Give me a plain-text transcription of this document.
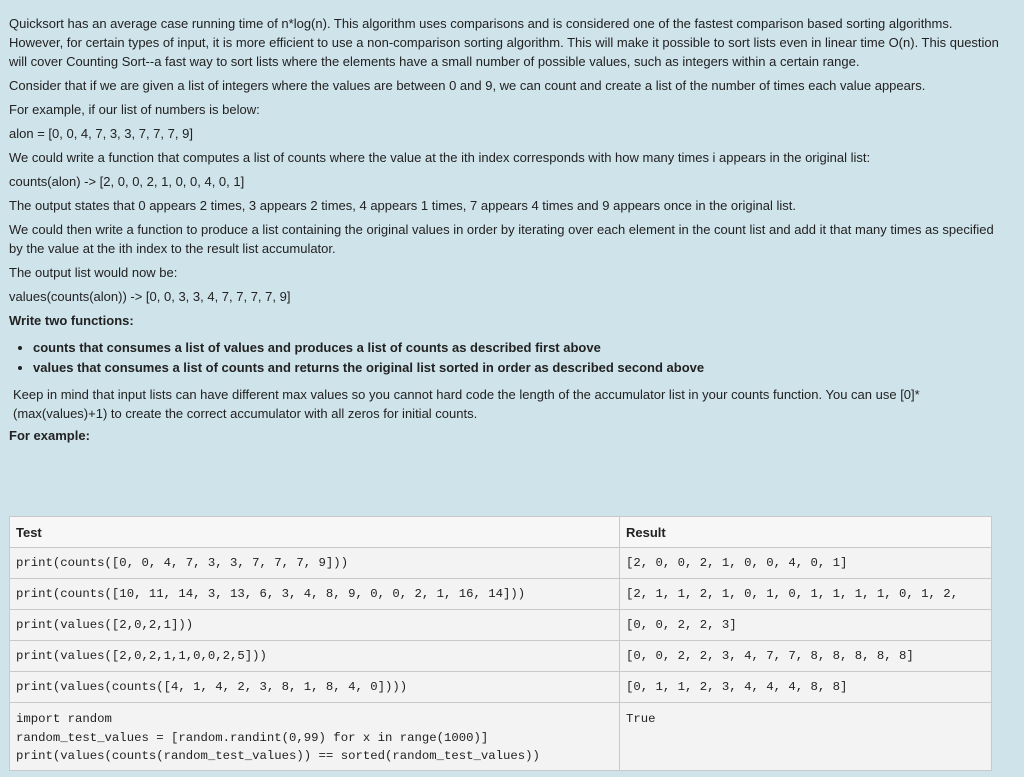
Quicksort has an average case running time of n*log(n). This algorithm uses comparisons and is considered one of the fastest comparison based sorting algorithms. However, for certain types of input, it is more efficient to use a non-comparison sorting algorithm. This will make it possible to sort lists even in linear time O(n). This question will cover Counting Sort--a fast way to sort lists where the elements have a small number of possible values, such as integers within a certain range.

Consider that if we are given a list of integers where the values are between 0 and 9, we can count and create a list of the number of times each value appears.

For example, if our list of numbers is below:

alon = [0, 0, 4, 7, 3, 3, 7, 7, 7, 9]

We could write a function that computes a list of counts where the value at the ith index corresponds with how many times i appears in the original list:

counts(alon) -> [2, 0, 0, 2, 1, 0, 0, 4, 0, 1]

The output states that 0 appears 2 times, 3 appears 2 times, 4 appears 1 times, 7 appears 4 times and 9 appears once in the original list.

We could then write a function to produce a list containing the original values in order by iterating over each element in the count list and add it that many times as specified by the value at the ith index to the result list accumulator.

The output list would now be:

values(counts(alon)) -> [0, 0, 3, 3, 4, 7, 7, 7, 7, 9]

Write two functions:

• counts that consumes a list of values and produces a list of counts as described first above
• values that consumes a list of counts and returns the original list sorted in order as described second above

Keep in mind that input lists can have different max values so you cannot hard code the length of the accumulator list in your counts function. You can use [0]*(max(values)+1) to create the correct accumulator with all zeros for initial counts.

For example:

Test	Result
print(counts([0, 0, 4, 7, 3, 3, 7, 7, 7, 9]))	[2, 0, 0, 2, 1, 0, 0, 4, 0, 1]
print(counts([10, 11, 14, 3, 13, 6, 3, 4, 8, 9, 0, 0, 2, 1, 16, 14]))	[2, 1, 1, 2, 1, 0, 1, 0, 1, 1, 1, 1, 0, 1, 2,
print(values([2,0,2,1]))	[0, 0, 2, 2, 3]
print(values([2,0,2,1,1,0,0,2,5]))	[0, 0, 2, 2, 3, 4, 7, 7, 8, 8, 8, 8, 8]
print(values(counts([4, 1, 4, 2, 3, 8, 1, 8, 4, 0])))	[0, 1, 1, 2, 3, 4, 4, 4, 8, 8]
import random
random_test_values = [random.randint(0,99) for x in range(1000)]
print(values(counts(random_test_values)) == sorted(random_test_values))	True
